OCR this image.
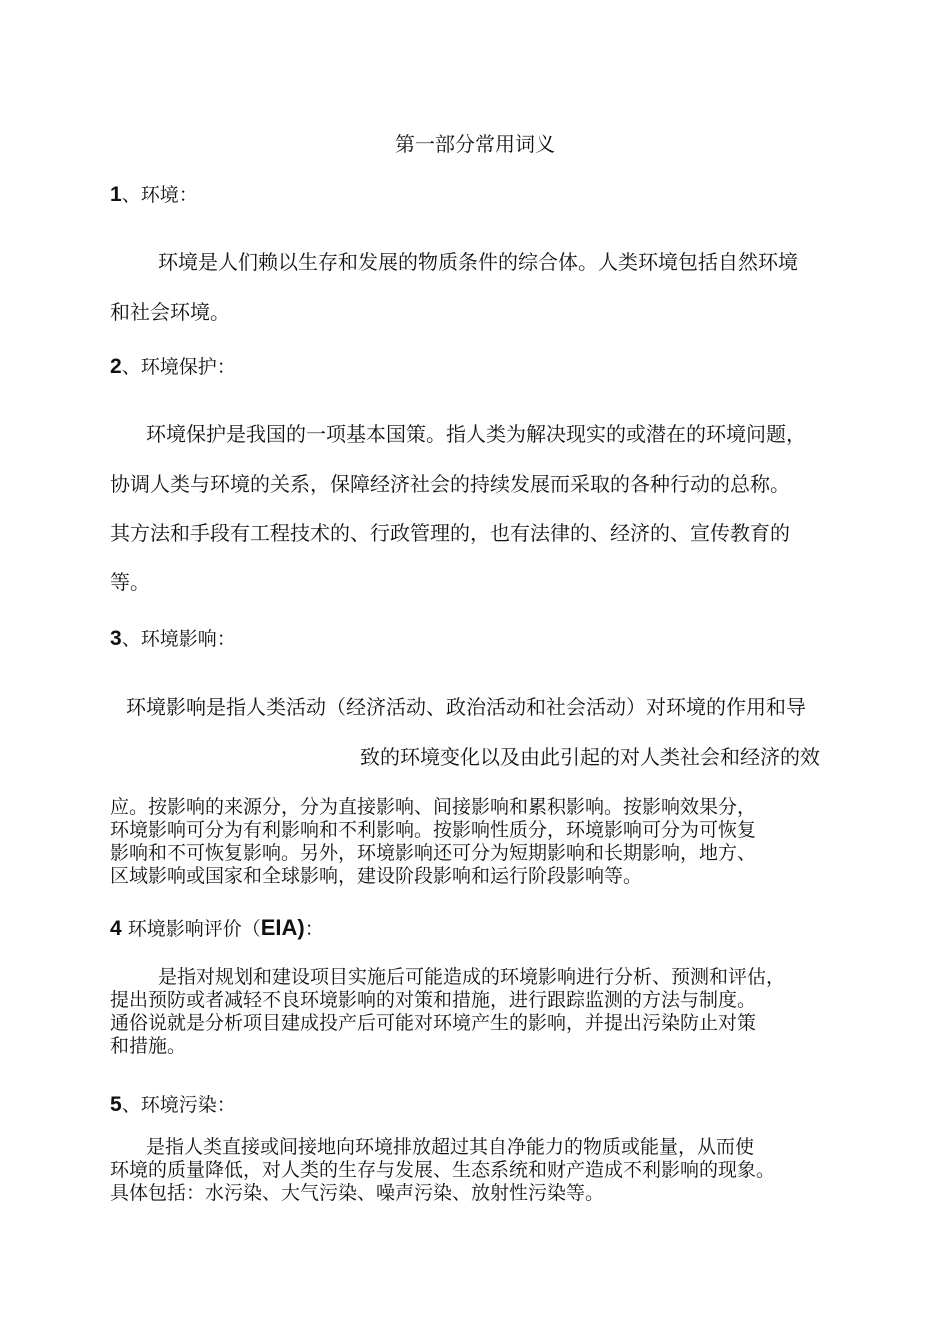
第一部分常用词义
1、环境：
环境是人们赖以生存和发展的物质条件的综合体。人类环境包括自然环境
和社会环境。
2、环境保护：
环境保护是我国的一项基本国策。指人类为解决现实的或潜在的环境问题，
协调人类与环境的关系，保障经济社会的持续发展而采取的各种行动的总称。
其方法和手段有工程技术的、行政管理的，也有法律的、经济的、宣传教育的
等。
3、环境影响：
环境影响是指人类活动（经济活动、政治活动和社会活动）对环境的作用和导
致的环境变化以及由此引起的对人类社会和经济的效
应。按影响的来源分，分为直接影响、间接影响和累积影响。按影响效果分，
环境影响可分为有利影响和不利影响。按影响性质分，环境影响可分为可恢复
影响和不可恢复影响。另外，环境影响还可分为短期影响和长期影响，地方、
区域影响或国家和全球影响，建设阶段影响和运行阶段影响等。
4 环境影响评价（EIA)：
是指对规划和建设项目实施后可能造成的环境影响进行分析、预测和评估，
提出预防或者减轻不良环境影响的对策和措施，进行跟踪监测的方法与制度。
通俗说就是分析项目建成投产后可能对环境产生的影响，并提出污染防止对策
和措施。
5、环境污染：
是指人类直接或间接地向环境排放超过其自净能力的物质或能量，从而使
环境的质量降低，对人类的生存与发展、生态系统和财产造成不利影响的现象。
具体包括：水污染、大气污染、噪声污染、放射性污染等。
